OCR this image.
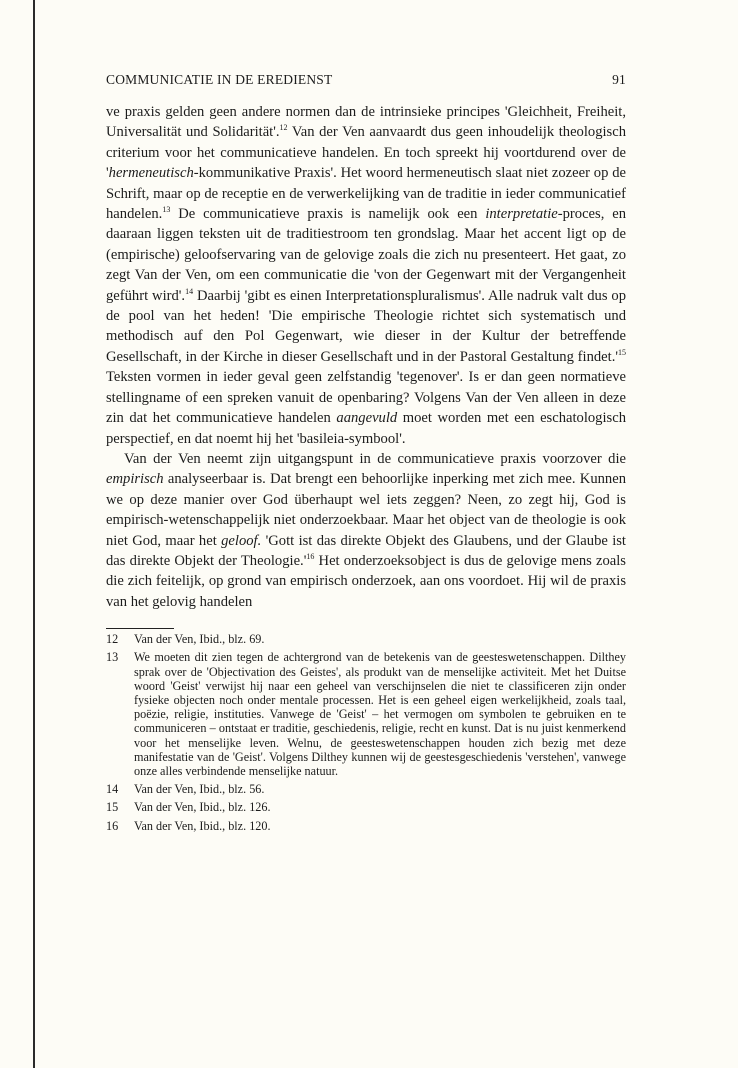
COMMUNICATIE IN DE EREDIENST	91

ve praxis gelden geen andere normen dan de intrinsieke principes 'Gleichheit, Freiheit, Universalität und Solidarität'.$^{12}$ Van der Ven aanvaardt dus geen inhoudelijk theologisch criterium voor het communicatieve handelen. En toch spreekt hij voortdurend over de 'hermeneutisch-kommunikative Praxis'. Het woord hermeneutisch slaat niet zozeer op de Schrift, maar op de receptie en de verwerkelijking van de traditie in ieder communicatief handelen.$^{13}$ De communicatieve praxis is namelijk ook een interpretatie-proces, en daaraan liggen teksten uit de traditiestroom ten grondslag. Maar het accent ligt op de (empirische) geloofservaring van de gelovige zoals die zich nu presenteert. Het gaat, zo zegt Van der Ven, om een communicatie die 'von der Gegenwart mit der Vergangenheit geführt wird'.$^{14}$ Daarbij 'gibt es einen Interpretationspluralismus'. Alle nadruk valt dus op de pool van het heden! 'Die empirische Theologie richtet sich systematisch und methodisch auf den Pol Gegenwart, wie dieser in der Kultur der betreffende Gesellschaft, in der Kirche in dieser Gesellschaft und in der Pastoral Gestaltung $findet.'^{15}$ Teksten vormen in ieder geval geen zelfstandig 'tegenover'. Is er dan geen normatieve stellingname of een spreken vanuit de openbaring? Volgens Van der Ven alleen in deze zin dat het communicatieve handelen aangevuld moet worden met een eschatologisch perspectief, en dat noemt hij het 'basileia-symbool'.

Van der Ven neemt zijn uitgangspunt in de communicatieve praxis voorzover die empirisch analyseerbaar is. Dat brengt een behoorlijke inperking met zich mee. Kunnen we op deze manier over God überhaupt wel iets zeggen? Neen, zo zegt hij, God is empirisch-wetenschappelijk niet onderzoekbaar. Maar het object van de theologie is ook niet God, maar het geloof. 'Gott ist das direkte Objekt des Glaubens, und der Glaube ist das direkte Objekt der $Theologie.'^{16}$ Het onderzoeksobject is dus de gelovige mens zoals die zich feitelijk, op grond van empirisch onderzoek, aan ons voordoet. Hij wil de praxis van het gelovig handelen

12	Van der Ven, Ibid., blz. 69.
13	We moeten dit zien tegen de achtergrond van de betekenis van de geesteswetenschappen. Dilthey sprak over de 'Objectivation des Geistes', als produkt van de menselijke activiteit. Met het Duitse woord 'Geist' verwijst hij naar een geheel van verschijnselen die niet te classificeren zijn onder fysieke objecten noch onder mentale processen. Het is een geheel eigen werkelijkheid, zoals taal, poëzie, religie, instituties. Vanwege de 'Geist' – het vermogen om symbolen te gebruiken en te communiceren – ontstaat er traditie, geschiedenis, religie, recht en kunst. Dat is nu juist kenmerkend voor het menselijke leven. Welnu, de geesteswetenschappen houden zich bezig met deze manifestatie van de 'Geist'. Volgens Dilthey kunnen wij de geestesgeschiedenis 'verstehen', vanwege onze alles verbindende menselijke natuur.
14	Van der Ven, Ibid., blz. 56.
15	Van der Ven, Ibid., blz. 126.
16	Van der Ven, Ibid., blz. 120.
